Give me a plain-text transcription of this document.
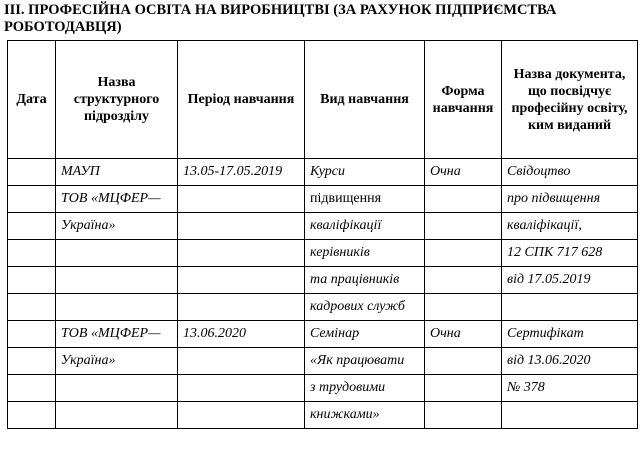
ІІІ. ПРОФЕСІЙНА ОСВІТА НА ВИРОБНИЦТВІ (ЗА РАХУНОК ПІДПРИЄМСТВА РОБОТОДАВЦЯ)
Дата	Назва структурного підрозділу	Період навчання	Вид навчання	Форма навчання	Назва документа, що посвідчує професійну освіту, ким виданий
	МАУП	13.05-17.05.2019	Курси	Очна	Свідоцтво
	ТОВ «МЦФЕР—		підвищення		про підвищення
	Україна»		кваліфікації		кваліфікації,
			керівників		12 СПК 717 628
			та працівників		від 17.05.2019
			кадрових служб		
	ТОВ «МЦФЕР—	13.06.2020	Семінар	Очна	Сертифікат
	Україна»		«Як працювати		від 13.06.2020
			з трудовими		№ 378
			книжками»		
